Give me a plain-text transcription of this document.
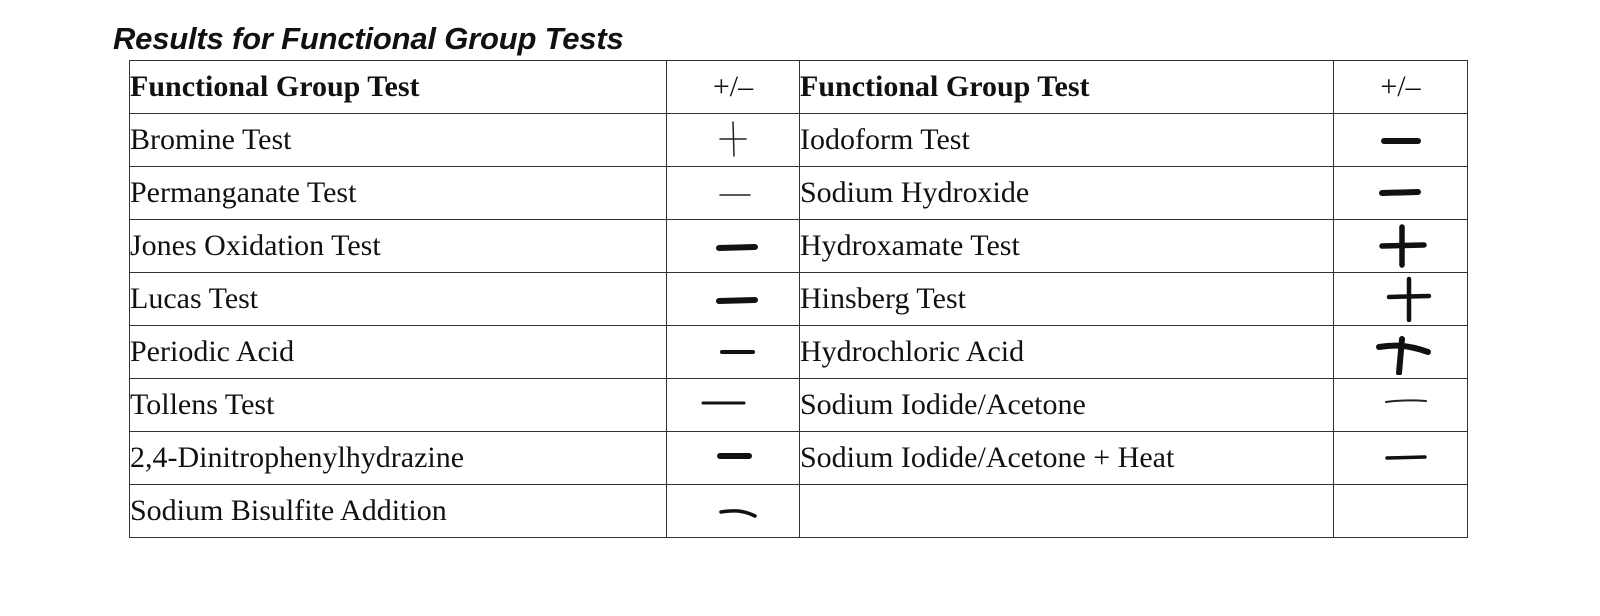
Results for Functional Group Tests
Functional Group Test	+/–	Functional Group Test	+/–
Bromine Test		Iodoform Test	

Permanganate Test		Sodium Hydroxide	

Jones Oxidation Test		Hydroxamate Test	

Lucas Test		Hinsberg Test	

Periodic Acid		Hydrochloric Acid	

Tollens Test		Sodium Iodide/Acetone	

2,4-Dinitrophenylhydrazine		Sodium Iodide/Acetone + Heat	

Sodium Bisulfite Addition	
